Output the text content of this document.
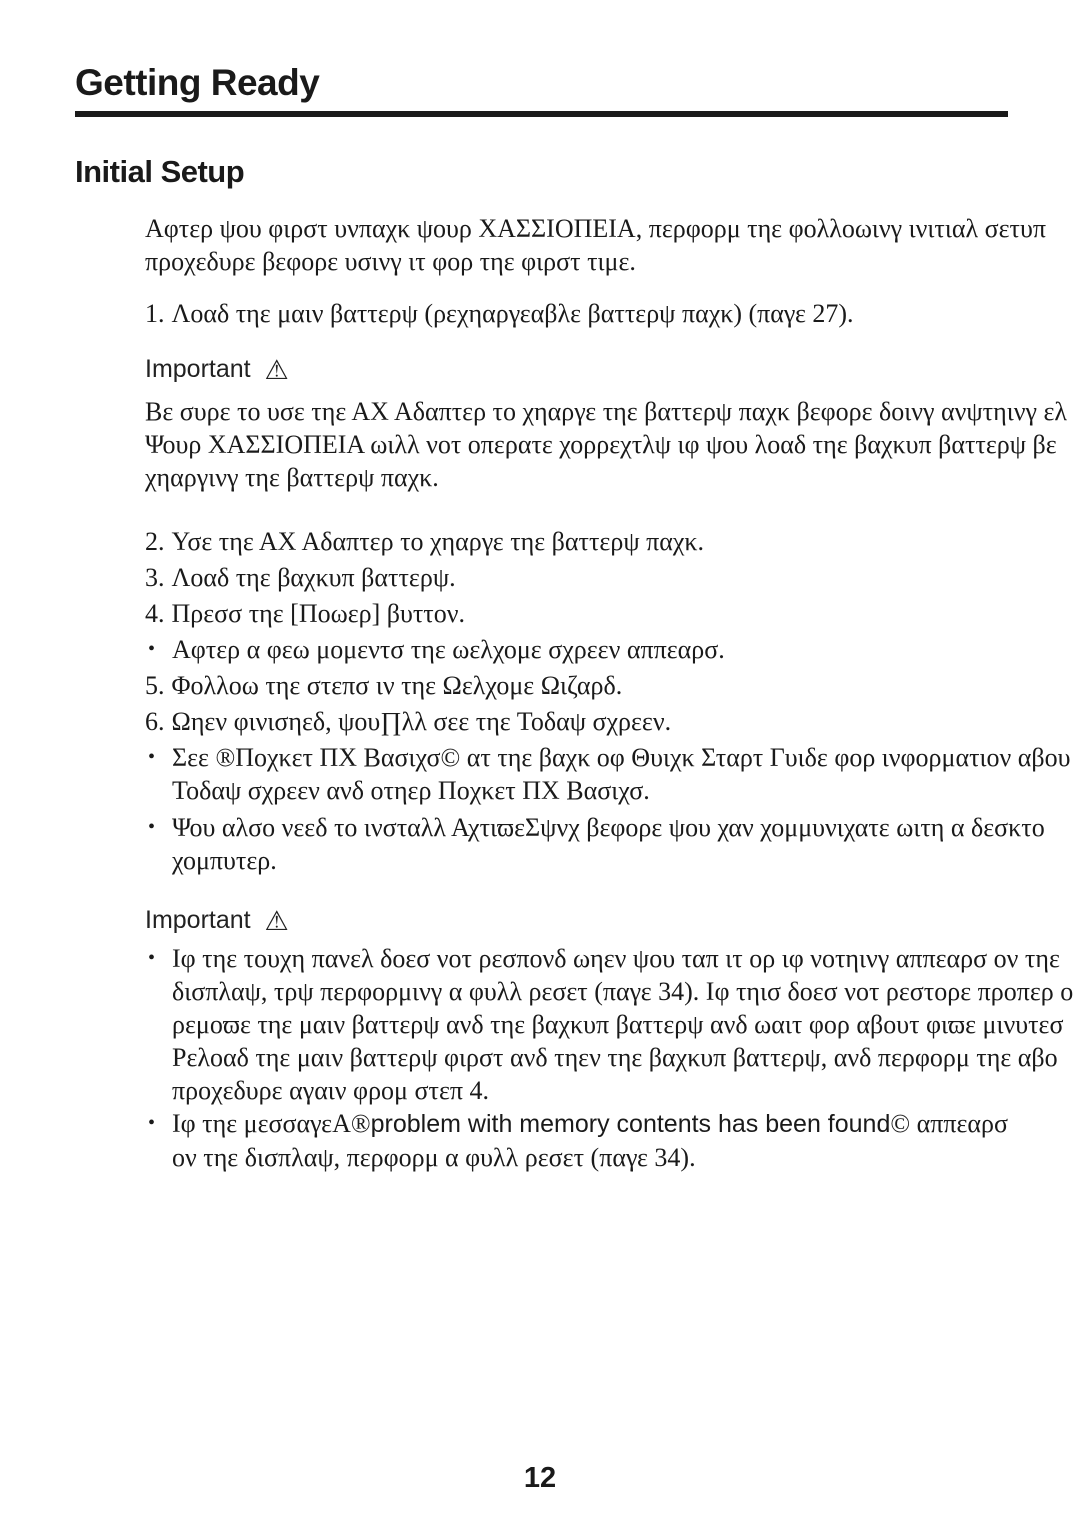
Getting Ready
Initial Setup
Αφτερ ψου φιρστ υνπαχκ ψουρ ΧΑΣΣΙΟΠΕΙΑ, περφορμ τηε φολλοωινγ ινιτιαλ σετυπ
προχεδυρε βεφορε υσινγ ιτ φορ τηε φιρστ τιμε.
1. Λοαδ τηε μαιν βαττερψ (ρεχηαργεαβλε βαττερψ παχκ) (παγε 27).
Important ⚠
Βε συρε το υσε τηε ΑΧ Αδαπτερ το χηαργε τηε βαττερψ παχκ βεφορε δοινγ ανψτηινγ ελ
Ψουρ ΧΑΣΣΙΟΠΕΙΑ ωιλλ νοτ οπερατε χορρεχτλψ ιφ ψου λοαδ τηε βαχκυπ βαττερψ βε
χηαργινγ τηε βαττερψ παχκ.
2. Υσε τηε ΑΧ Αδαπτερ το χηαργε τηε βαττερψ παχκ.
3. Λοαδ τηε βαχκυπ βαττερψ.
4. Πρεσσ τηε [Ποωερ] βυττον.
• Αφτερ α φεω μομεντσ τηε ωελχομε σχρεεν αππεαρσ.
5. Φολλοω τηε στεπσ ιν τηε Ωελχομε Ωιζαρδ.
6. Ωηεν φινισηεδ, ψου∏λλ σεε τηε Τοδαψ σχρεεν.
• Σεε ®Ποχκετ ΠΧ Βασιχσ© ατ τηε βαχκ οφ Θυιχκ Σταρτ Γυιδε φορ ινφορματιον αβου
Τοδαψ σχρεεν ανδ οτηερ Ποχκετ ΠΧ Βασιχσ.
• Ψου αλσο νεεδ το ινσταλλ ΑχτιϖεΣψνχ βεφορε ψου χαν χομμυνιχατε ωιτη α δεσκτο
χομπυτερ.
Important ⚠
• Ιφ τηε τουχη πανελ δοεσ νοτ ρεσπονδ ωηεν ψου ταπ ιτ ορ ιφ νοτηινγ αππεαρσ ον τηε
δισπλαψ, τρψ περφορμινγ α φυλλ ρεσετ (παγε 34). Ιφ τηισ δοεσ νοτ ρεστορε προπερ ο
ρεμοϖε τηε μαιν βαττερψ ανδ τηε βαχκυπ βαττερψ ανδ ωαιτ φορ αβουτ φιϖε μινυτεσ
Ρελοαδ τηε μαιν βαττερψ φιρστ ανδ τηεν τηε βαχκυπ βαττερψ, ανδ περφορμ τηε αβο
προχεδυρε αγαιν φρομ στεπ 4.
• Ιφ τηε μεσσαγεΑ®problem with memory contents has been found© αππεαρσ
ον τηε δισπλαψ, περφορμ α φυλλ ρεσετ (παγε 34).
12
